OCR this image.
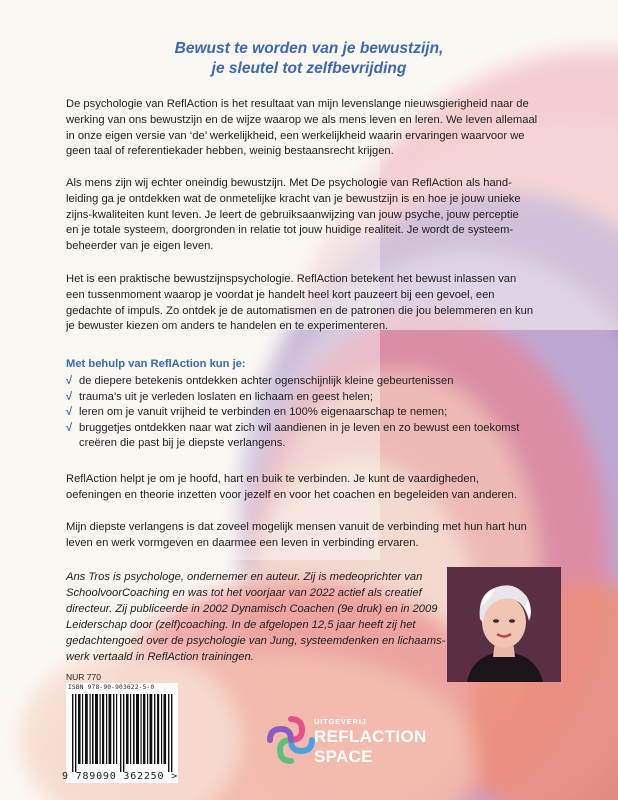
Bewust te worden van je bewustzijn,
je sleutel tot zelfbevrijding

De psychologie van ReflAction is het resultaat van mijn levenslange nieuwsgierigheid naar de
werking van ons bewustzijn en de wijze waarop we als mens leven en leren. We leven allemaal
in onze eigen versie van ‘de’ werkelijkheid, een werkelijkheid waarin ervaringen waarvoor we
geen taal of referentiekader hebben, weinig bestaansrecht krijgen.

Als mens zijn wij echter oneindig bewustzijn. Met De psychologie van ReflAction als hand-
leiding ga je ontdekken wat de onmetelijke kracht van je bewustzijn is en hoe je jouw unieke
zijns-kwaliteiten kunt leven. Je leert de gebruiksaanwijzing van jouw psyche, jouw perceptie
en je totale systeem, doorgronden in relatie tot jouw huidige realiteit. Je wordt de systeem-
beheerder van je eigen leven.

Het is een praktische bewustzijnspsychologie. ReflAction betekent het bewust inlassen van
een tussenmoment waarop je voordat je handelt heel kort pauzeert bij een gevoel, een
gedachte of impuls. Zo ontdek je de automatismen en de patronen die jou belemmeren en kun
je bewuster kiezen om anders te handelen en te experimenteren.

Met behulp van ReflAction kun je:
√ de diepere betekenis ontdekken achter ogenschijnlijk kleine gebeurtenissen
√ trauma’s uit je verleden loslaten en lichaam en geest helen;
√ leren om je vanuit vrijheid te verbinden en 100% eigenaarschap te nemen;
√ bruggetjes ontdekken naar wat zich wil aandienen in je leven en zo bewust een toekomst
creëren die past bij je diepste verlangens.

ReflAction helpt je om je hoofd, hart en buik te verbinden. Je kunt de vaardigheden,
oefeningen en theorie inzetten voor jezelf en voor het coachen en begeleiden van anderen.

Mijn diepste verlangens is dat zoveel mogelijk mensen vanuit de verbinding met hun hart hun
leven en werk vormgeven en daarmee een leven in verbinding ervaren.

Ans Tros is psychologe, ondernemer en auteur. Zij is medeoprichter van
SchoolvoorCoaching en was tot het voorjaar van 2022 actief als creatief
directeur. Zij publiceerde in 2002 Dynamisch Coachen (9e druk) en in 2009
Leiderschap door (zelf)coaching. In de afgelopen 12,5 jaar heeft zij het
gedachtengoed over de psychologie van Jung, systeemdenken en lichaams-
werk vertaald in ReflAction trainingen.
NUR 770
ISBN 978-90-903622-5-0
9 789090 362250 >
UITGEVERIJ
REFLACTION
SPACE
